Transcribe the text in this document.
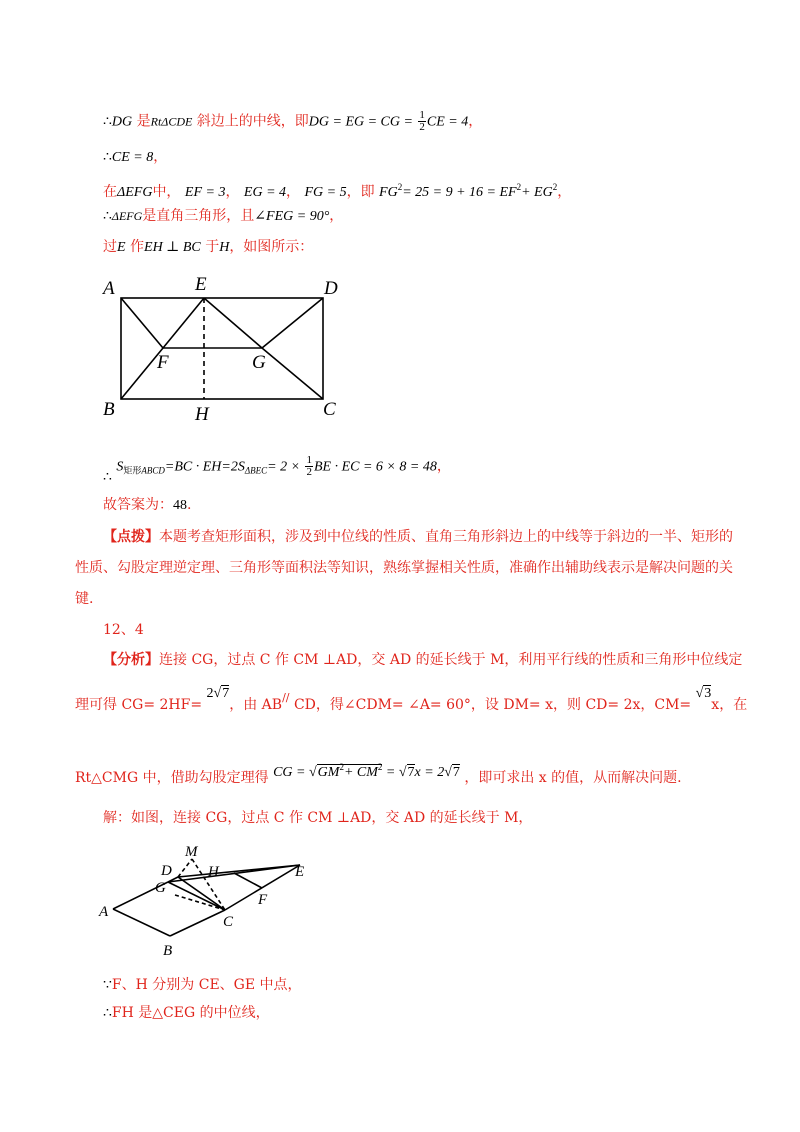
∴DG 是RtΔCDE 斜边上的中线，即DG = EG = CG = $\frac{1}{2}$ CE = 4，
∴CE = 8，
在ΔEFG中， EF = 3， EG = 4， FG = 5，即 $FG^2= 25 = 9 + 16 = EF^2+ EG^2$，
∴ΔEFG是直角三角形，且∠FEG = 90°，
过E 作EH ⊥ BC 于H，如图所示：
A	E	D
F	G
B	H	C
∴ $S_{矩形ABCD}=BC \cdot EH=2S_{\Delta BEC}= 2 \times \frac{1}{2}$ BE · EC = 6 × 8 = 48，
故答案为：48.
【点拨】本题考查矩形面积，涉及到中位线的性质、直角三角形斜边上的中线等于斜边的一半、矩形的性质、勾股定理逆定理、三角形等面积法等知识，熟练掌握相关性质，准确作出辅助线表示是解决问题的关键.
12、4
【分析】连接 CG，过点 C 作 CM ⊥AD，交 AD 的延长线于 M，利用平行线的性质和三角形中位线定
理可得 CG= 2HF= 2√7，由 AB// CD，得∠CDM= ∠A= 60°，设 DM= x，则 CD= 2x，CM= √3x，在
Rt△CMG 中，借助勾股定理得 CG = $√GM^2+ CM^2 = √7x = 2√7$ ，即可求出 x 的值，从而解决问题.
解：如图，连接 CG，过点 C 作 CM ⊥AD，交 AD 的延长线于 M，
M
D H	E
G
F
A
C
B
∵F、H 分别为 CE、GE 中点，
∴FH 是△CEG 的中位线，
